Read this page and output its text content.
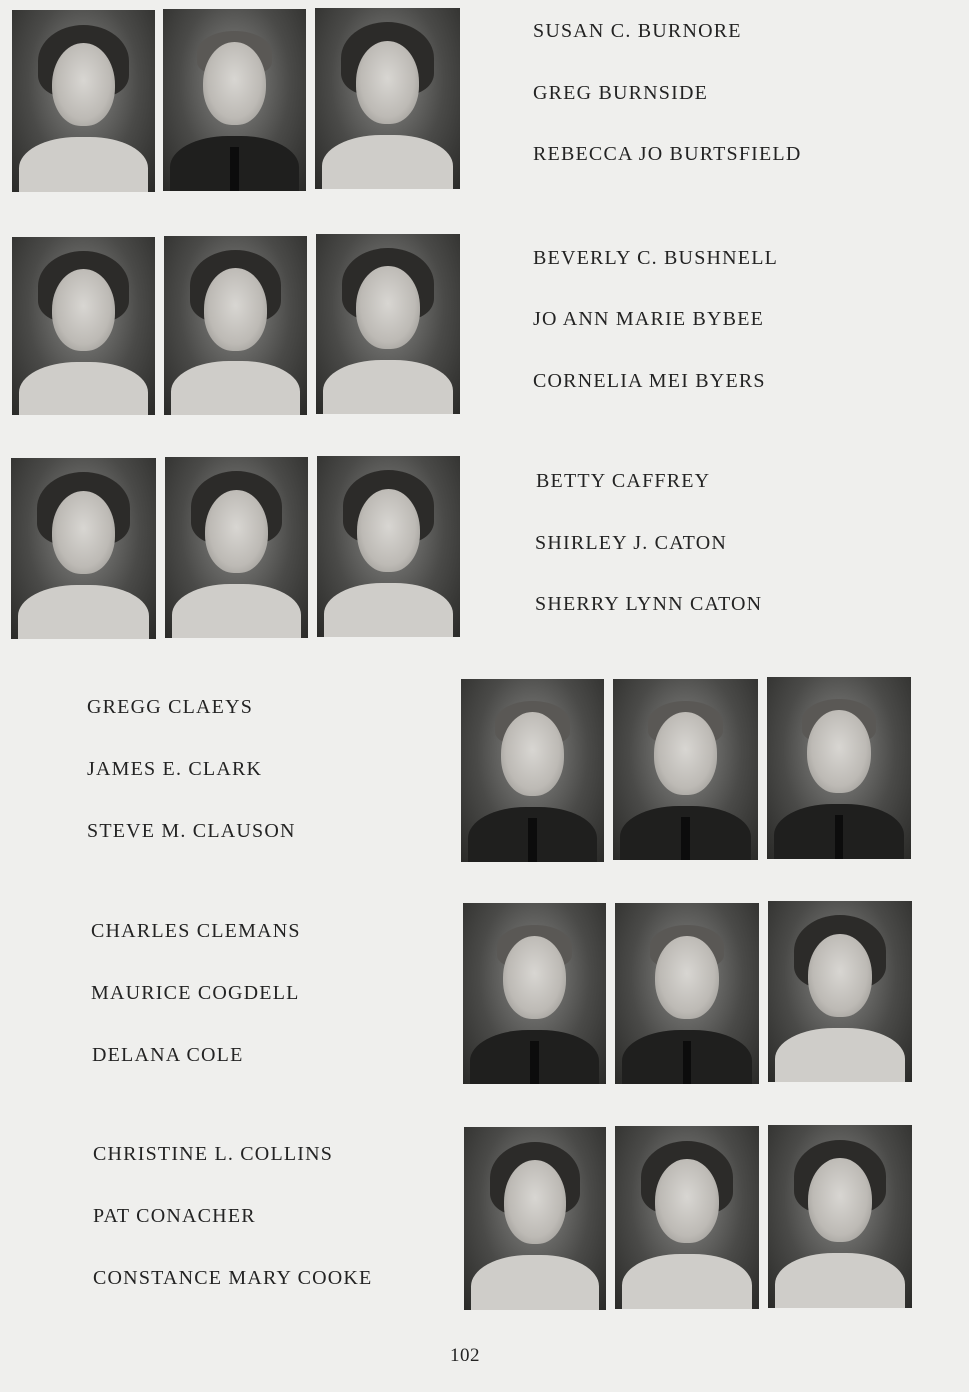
SUSAN C. BURNORE
GREG BURNSIDE
REBECCA JO BURTSFIELD
BEVERLY C. BUSHNELL
JO ANN MARIE BYBEE
CORNELIA MEI BYERS
BETTY CAFFREY
SHIRLEY J. CATON
SHERRY LYNN CATON
GREGG CLAEYS
JAMES E. CLARK
STEVE M. CLAUSON
CHARLES CLEMANS
MAURICE COGDELL
DELANA COLE
CHRISTINE L. COLLINS
PAT CONACHER
CONSTANCE MARY COOKE
102
